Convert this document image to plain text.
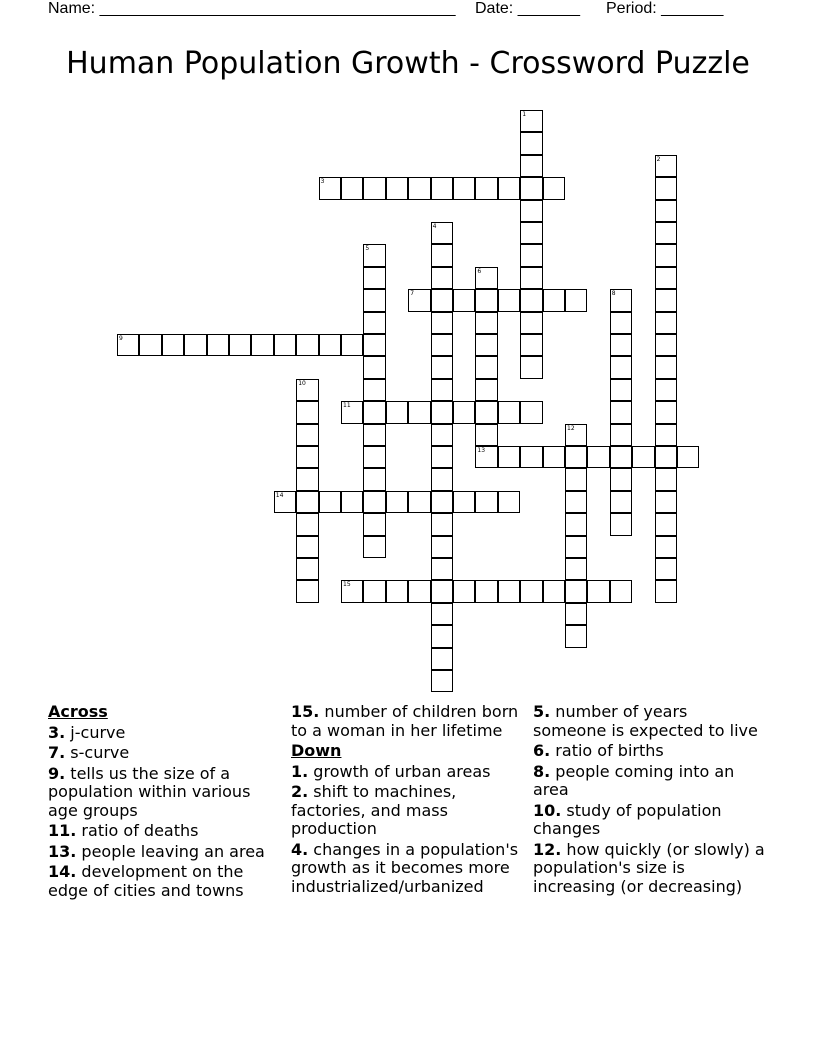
Name: ________________________________________ Date: _______ Period: _______
Human Population Growth - Crossword Puzzle
1
2
3
4
5
6
13
7	8
9
10
11
12
14
15
Across
3. j-curve
7. s-curve
9. tells us the size of a population within various age groups
11. ratio of deaths
13. people leaving an area
14. development on the edge of cities and towns
15. number of children born to a woman in her lifetime
Down
1. growth of urban areas
2. shift to machines, factories, and mass production
4. changes in a population's growth as it becomes more industrialized/urbanized
5. number of years someone is expected to live
6. ratio of births
8. people coming into an area
10. study of population changes
12. how quickly (or slowly) a population's size is increasing (or decreasing)
